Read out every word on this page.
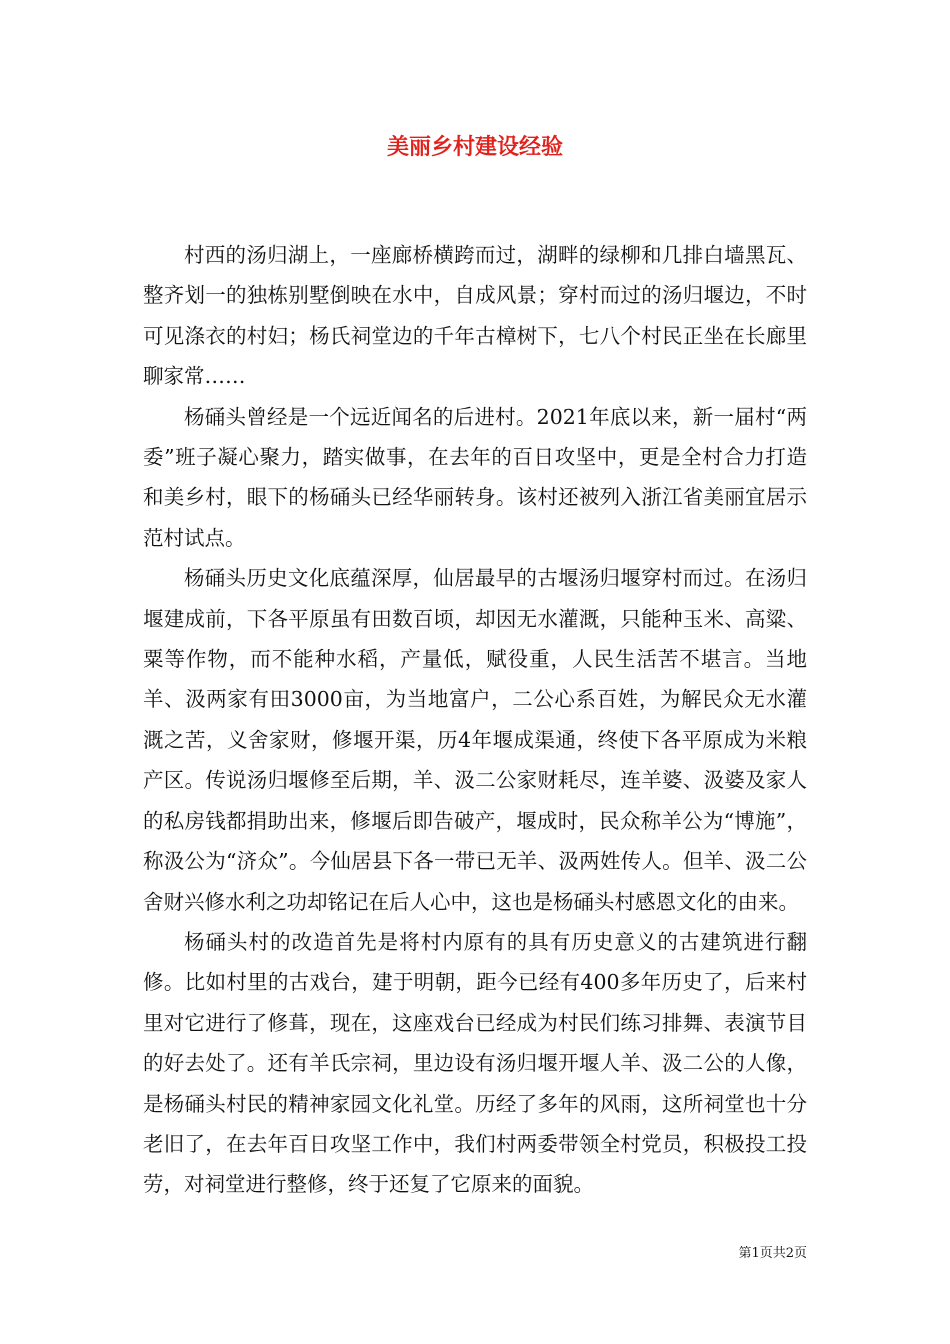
美丽乡村建设经验

村西的汤归湖上，一座廊桥横跨而过，湖畔的绿柳和几排白墙黑瓦、整齐划一的独栋别墅倒映在水中，自成风景；穿村而过的汤归堰边，不时可见涤衣的村妇；杨氏祠堂边的千年古樟树下，七八个村民正坐在长廊里聊家常……

杨硧头曾经是一个远近闻名的后进村。2021年底以来，新一届村“两委”班子凝心聚力，踏实做事，在去年的百日攻坚中，更是全村合力打造和美乡村，眼下的杨硧头已经华丽转身。该村还被列入浙江省美丽宜居示范村试点。

杨硧头历史文化底蕴深厚，仙居最早的古堰汤归堰穿村而过。在汤归堰建成前，下各平原虽有田数百顷，却因无水灌溉，只能种玉米、高粱、粟等作物，而不能种水稻，产量低，赋役重，人民生活苦不堪言。当地羊、汲两家有田3000亩，为当地富户，二公心系百姓，为解民众无水灌溉之苦，义舍家财，修堰开渠，历4年堰成渠通，终使下各平原成为米粮产区。传说汤归堰修至后期，羊、汲二公家财耗尽，连羊婆、汲婆及家人的私房钱都捐助出来，修堰后即告破产，堰成时，民众称羊公为“博施”，称汲公为“济众”。今仙居县下各一带已无羊、汲两姓传人。但羊、汲二公舍财兴修水利之功却铭记在后人心中，这也是杨硧头村感恩文化的由来。

杨硧头村的改造首先是将村内原有的具有历史意义的古建筑进行翻修。比如村里的古戏台，建于明朝，距今已经有400多年历史了，后来村里对它进行了修葺，现在，这座戏台已经成为村民们练习排舞、表演节目的好去处了。还有羊氏宗祠，里边设有汤归堰开堰人羊、汲二公的人像，是杨硧头村民的精神家园文化礼堂。历经了多年的风雨，这所祠堂也十分老旧了，在去年百日攻坚工作中，我们村两委带领全村党员，积极投工投劳，对祠堂进行整修，终于还复了它原来的面貌。

第1页共2页
